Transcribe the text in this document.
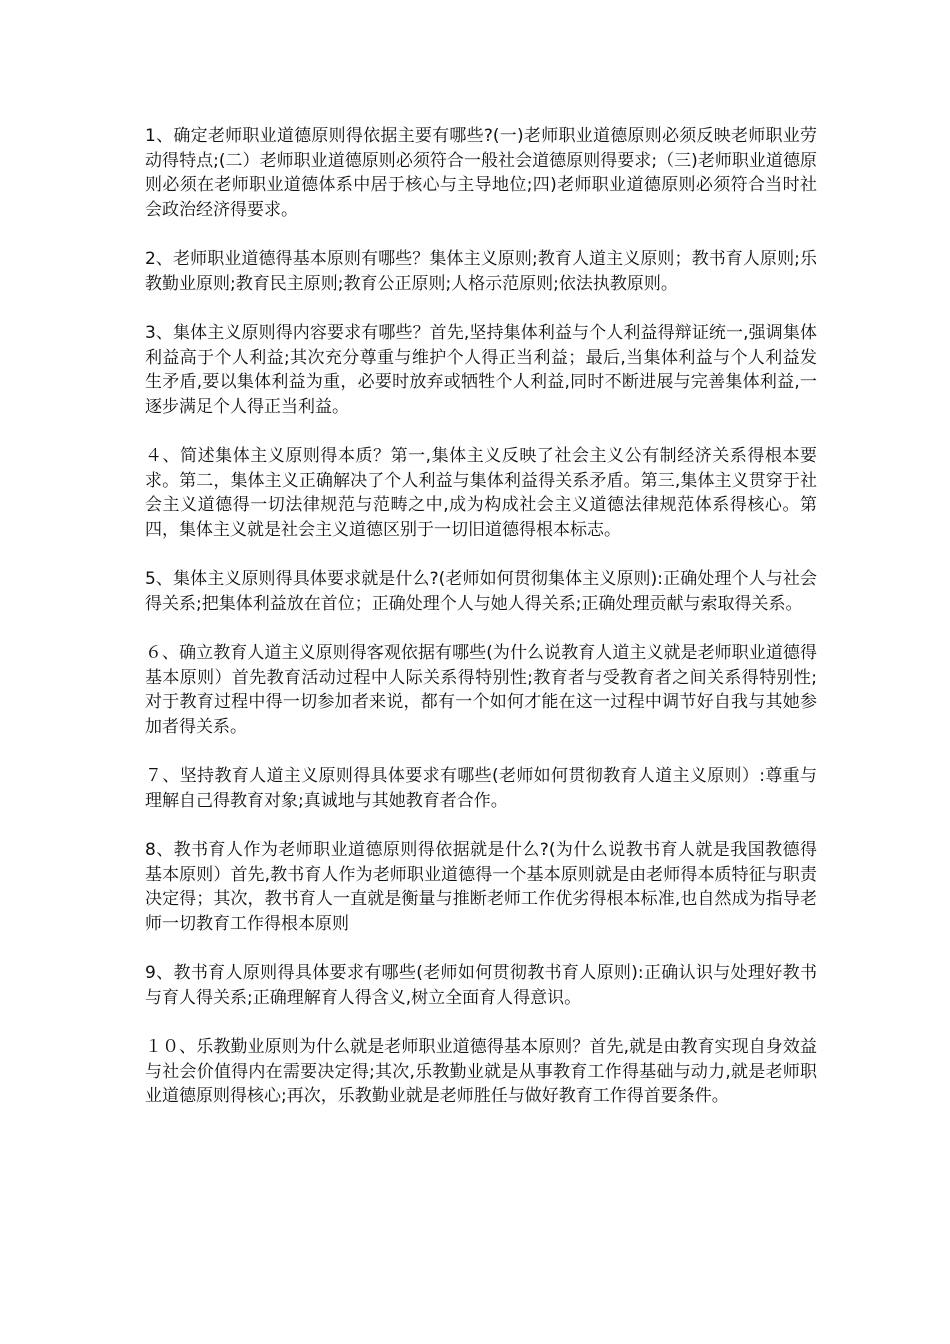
1、确定老师职业道德原则得依据主要有哪些?(一)老师职业道德原则必须反映老师职业劳动得特点;(二）老师职业道德原则必须符合一般社会道德原则得要求;（三)老师职业道德原则必须在老师职业道德体系中居于核心与主导地位;四)老师职业道德原则必须符合当时社会政治经济得要求。

2、老师职业道德得基本原则有哪些？集体主义原则;教育人道主义原则；教书育人原则;乐教勤业原则;教育民主原则;教育公正原则;人格示范原则;依法执教原则。

3、集体主义原则得内容要求有哪些？首先,坚持集体利益与个人利益得辩证统一,强调集体利益高于个人利益;其次充分尊重与维护个人得正当利益；最后,当集体利益与个人利益发生矛盾,要以集体利益为重，必要时放弃或牺牲个人利益,同时不断进展与完善集体利益,一逐步满足个人得正当利益。

４、简述集体主义原则得本质？第一,集体主义反映了社会主义公有制经济关系得根本要求。第二，集体主义正确解决了个人利益与集体利益得关系矛盾。第三,集体主义贯穿于社会主义道德得一切法律规范与范畴之中,成为构成社会主义道德法律规范体系得核心。第四，集体主义就是社会主义道德区别于一切旧道德得根本标志。

5、集体主义原则得具体要求就是什么?(老师如何贯彻集体主义原则):正确处理个人与社会得关系;把集体利益放在首位；正确处理个人与她人得关系;正确处理贡献与索取得关系。

６、确立教育人道主义原则得客观依据有哪些(为什么说教育人道主义就是老师职业道德得基本原则）首先教育活动过程中人际关系得特别性;教育者与受教育者之间关系得特别性;对于教育过程中得一切参加者来说，都有一个如何才能在这一过程中调节好自我与其她参加者得关系。

７、坚持教育人道主义原则得具体要求有哪些(老师如何贯彻教育人道主义原则）:尊重与理解自己得教育对象;真诚地与其她教育者合作。

8、教书育人作为老师职业道德原则得依据就是什么?(为什么说教书育人就是我国教德得基本原则）首先,教书育人作为老师职业道德得一个基本原则就是由老师得本质特征与职责决定得；其次，教书育人一直就是衡量与推断老师工作优劣得根本标准,也自然成为指导老师一切教育工作得根本原则

9、教书育人原则得具体要求有哪些(老师如何贯彻教书育人原则):正确认识与处理好教书与育人得关系;正确理解育人得含义,树立全面育人得意识。

１０、乐教勤业原则为什么就是老师职业道德得基本原则？首先,就是由教育实现自身效益与社会价值得内在需要决定得;其次,乐教勤业就是从事教育工作得基础与动力,就是老师职业道德原则得核心;再次，乐教勤业就是老师胜任与做好教育工作得首要条件。
